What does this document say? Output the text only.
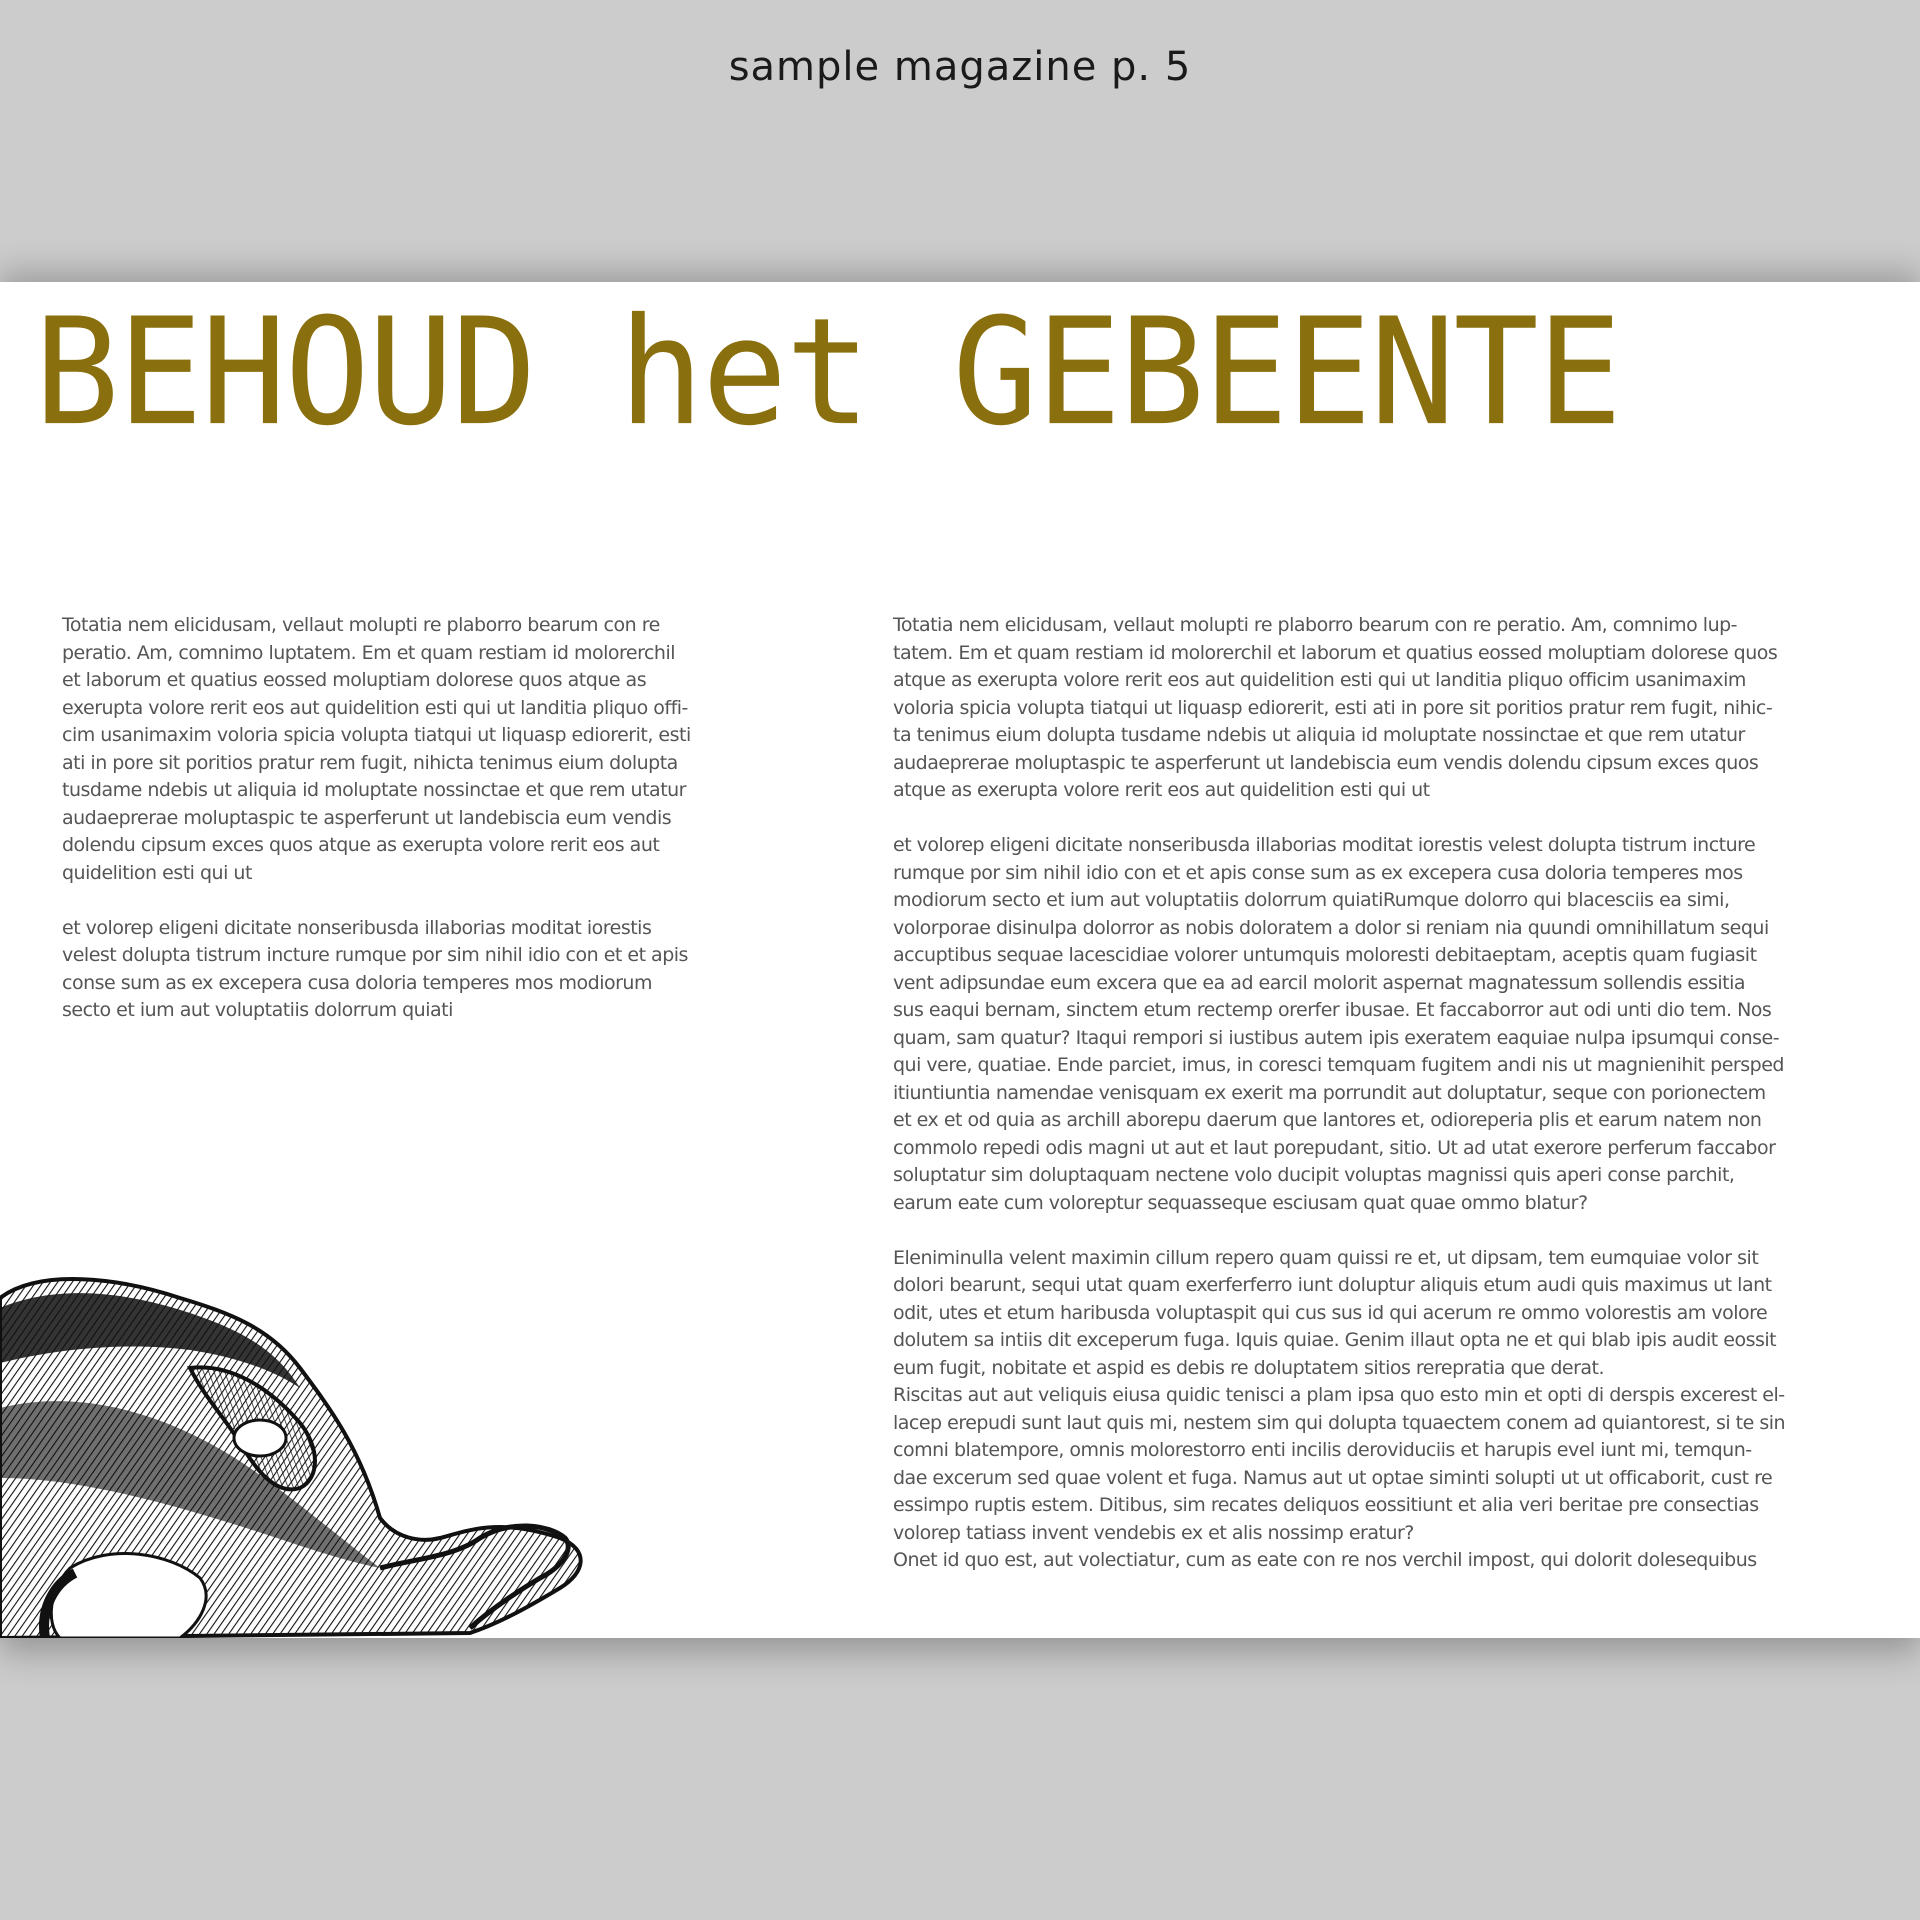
sample magazine p. 5
BEHOUD het GEBEENTE

Totatia nem elicidusam, vellaut molupti re plaborro bearum con re
peratio. Am, comnimo luptatem. Em et quam restiam id molorerchil
et laborum et quatius eossed moluptiam dolorese quos atque as
exerupta volore rerit eos aut quidelition esti qui ut landitia pliquo offi-
cim usanimaxim voloria spicia volupta tiatqui ut liquasp ediorerit, esti
ati in pore sit poritios pratur rem fugit, nihicta tenimus eium dolupta
tusdame ndebis ut aliquia id moluptate nossinctae et que rem utatur
audaeprerae moluptaspic te asperferunt ut landebiscia eum vendis
dolendu cipsum exces quos atque as exerupta volore rerit eos aut
quidelition esti qui ut

et volorep eligeni dicitate nonseribusda illaborias moditat iorestis
velest dolupta tistrum incture rumque por sim nihil idio con et et apis
conse sum as ex excepera cusa doloria temperes mos modiorum
secto et ium aut voluptatiis dolorrum quiati

Totatia nem elicidusam, vellaut molupti re plaborro bearum con re peratio. Am, comnimo lup-
tatem. Em et quam restiam id molorerchil et laborum et quatius eossed moluptiam dolorese quos
atque as exerupta volore rerit eos aut quidelition esti qui ut landitia pliquo officim usanimaxim
voloria spicia volupta tiatqui ut liquasp ediorerit, esti ati in pore sit poritios pratur rem fugit, nihic-
ta tenimus eium dolupta tusdame ndebis ut aliquia id moluptate nossinctae et que rem utatur
audaeprerae moluptaspic te asperferunt ut landebiscia eum vendis dolendu cipsum exces quos
atque as exerupta volore rerit eos aut quidelition esti qui ut

et volorep eligeni dicitate nonseribusda illaborias moditat iorestis velest dolupta tistrum incture
rumque por sim nihil idio con et et apis conse sum as ex excepera cusa doloria temperes mos
modiorum secto et ium aut voluptatiis dolorrum quiatiRumque dolorro qui blacesciis ea simi,
volorporae disinulpa dolorror as nobis doloratem a dolor si reniam nia quundi omnihillatum sequi
accuptibus sequae lacescidiae volorer untumquis moloresti debitaeptam, aceptis quam fugiasit
vent adipsundae eum excera que ea ad earcil molorit aspernat magnatessum sollendis essitia
sus eaqui bernam, sinctem etum rectemp orerfer ibusae. Et faccaborror aut odi unti dio tem. Nos
quam, sam quatur? Itaqui rempori si iustibus autem ipis exeratem eaquiae nulpa ipsumqui conse-
qui vere, quatiae. Ende parciet, imus, in coresci temquam fugitem andi nis ut magnienihit persped
itiuntiuntia namendae venisquam ex exerit ma porrundit aut doluptatur, seque con porionectem
et ex et od quia as archill aborepu daerum que lantores et, odioreperia plis et earum natem non
commolo repedi odis magni ut aut et laut porepudant, sitio. Ut ad utat exerore perferum faccabor
soluptatur sim doluptaquam nectene volo ducipit voluptas magnissi quis aperi conse parchit,
earum eate cum voloreptur sequasseque esciusam quat quae ommo blatur?

Eleniminulla velent maximin cillum repero quam quissi re et, ut dipsam, tem eumquiae volor sit
dolori bearunt, sequi utat quam exerferferro iunt doluptur aliquis etum audi quis maximus ut lant
odit, utes et etum haribusda voluptaspit qui cus sus id qui acerum re ommo volorestis am volore
dolutem sa intiis dit exceperum fuga. Iquis quiae. Genim illaut opta ne et qui blab ipis audit eossit
eum fugit, nobitate et aspid es debis re doluptatem sitios rerepratia que derat.
Riscitas aut aut veliquis eiusa quidic tenisci a plam ipsa quo esto min et opti di derspis excerest el-
lacep erepudi sunt laut quis mi, nestem sim qui dolupta tquaectem conem ad quiantorest, si te sin
comni blatempore, omnis molorestorro enti incilis deroviduciis et harupis evel iunt mi, temqun-
dae excerum sed quae volent et fuga. Namus aut ut optae siminti solupti ut ut officaborit, cust re
essimpo ruptis estem. Ditibus, sim recates deliquos eossitiunt et alia veri beritae pre consectias
volorep tatiass invent vendebis ex et alis nossimp eratur?
Onet id quo est, aut volectiatur, cum as eate con re nos verchil impost, qui dolorit dolesequibus
